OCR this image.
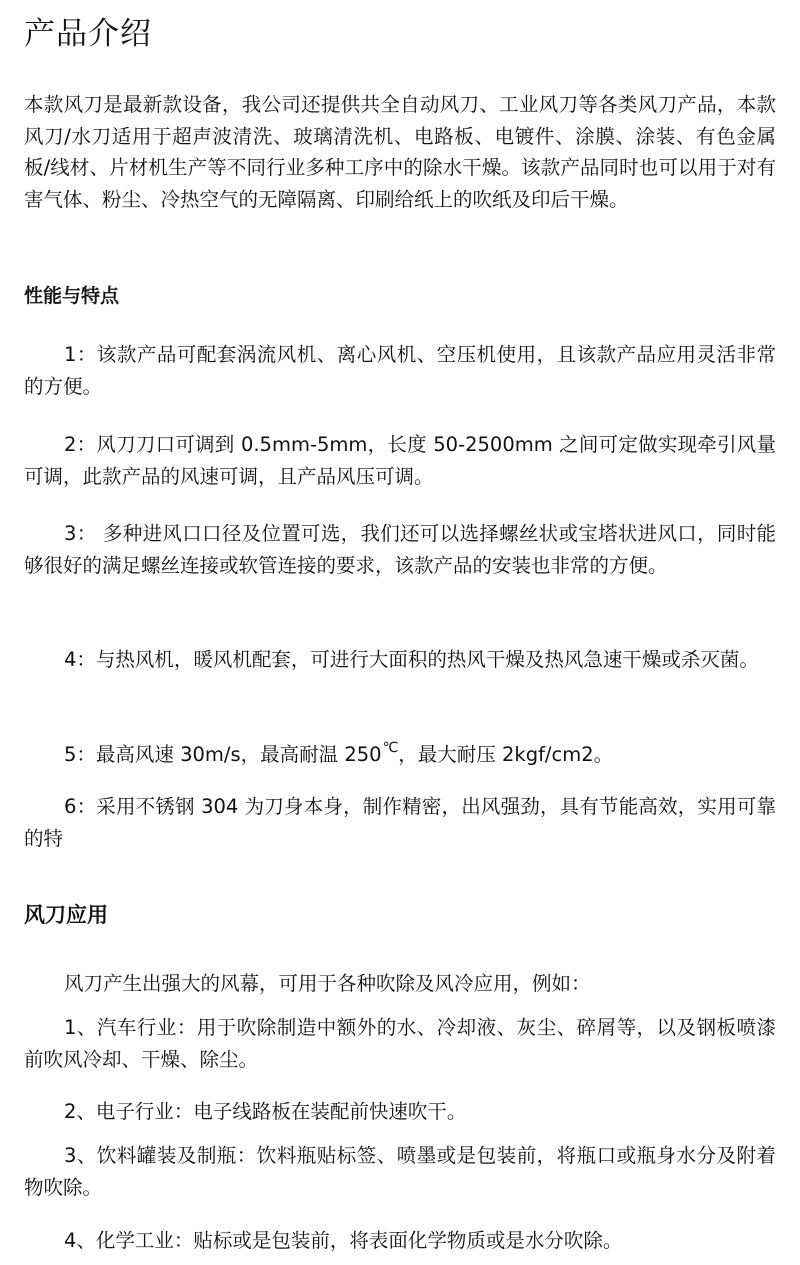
产品介绍

本款风刀是最新款设备，我公司还提供共全自动风刀、工业风刀等各类风刀产品，本款风刀/水刀适用于超声波清洗、玻璃清洗机、电路板、电镀件、涂膜、涂装、有色金属板/线材、片材机生产等不同行业多种工序中的除水干燥。该款产品同时也可以用于对有害气体、粉尘、冷热空气的无障隔离、印刷给纸上的吹纸及印后干燥。

性能与特点

1：该款产品可配套涡流风机、离心风机、空压机使用，且该款产品应用灵活非常的方便。

2：风刀刀口可调到 0.5mm-5mm，长度 50-2500mm 之间可定做实现牵引风量可调，此款产品的风速可调，且产品风压可调。

3： 多种进风口口径及位置可选，我们还可以选择螺丝状或宝塔状进风口，同时能够很好的满足螺丝连接或软管连接的要求，该款产品的安装也非常的方便。

4：与热风机，暖风机配套，可进行大面积的热风干燥及热风急速干燥或杀灭菌。

5：最高风速 30m/s，最高耐温 250℃，最大耐压 2kgf/cm2。

6：采用不锈钢 304 为刀身本身，制作精密，出风强劲，具有节能高效，实用可靠的特

风刀应用

风刀产生出强大的风幕，可用于各种吹除及风冷应用，例如：

1、汽车行业：用于吹除制造中额外的水、冷却液、灰尘、碎屑等，以及钢板喷漆前吹风冷却、干燥、除尘。

2、电子行业：电子线路板在装配前快速吹干。

3、饮料罐装及制瓶：饮料瓶贴标签、喷墨或是包装前，将瓶口或瓶身水分及附着物吹除。

4、化学工业：贴标或是包装前，将表面化学物质或是水分吹除。
